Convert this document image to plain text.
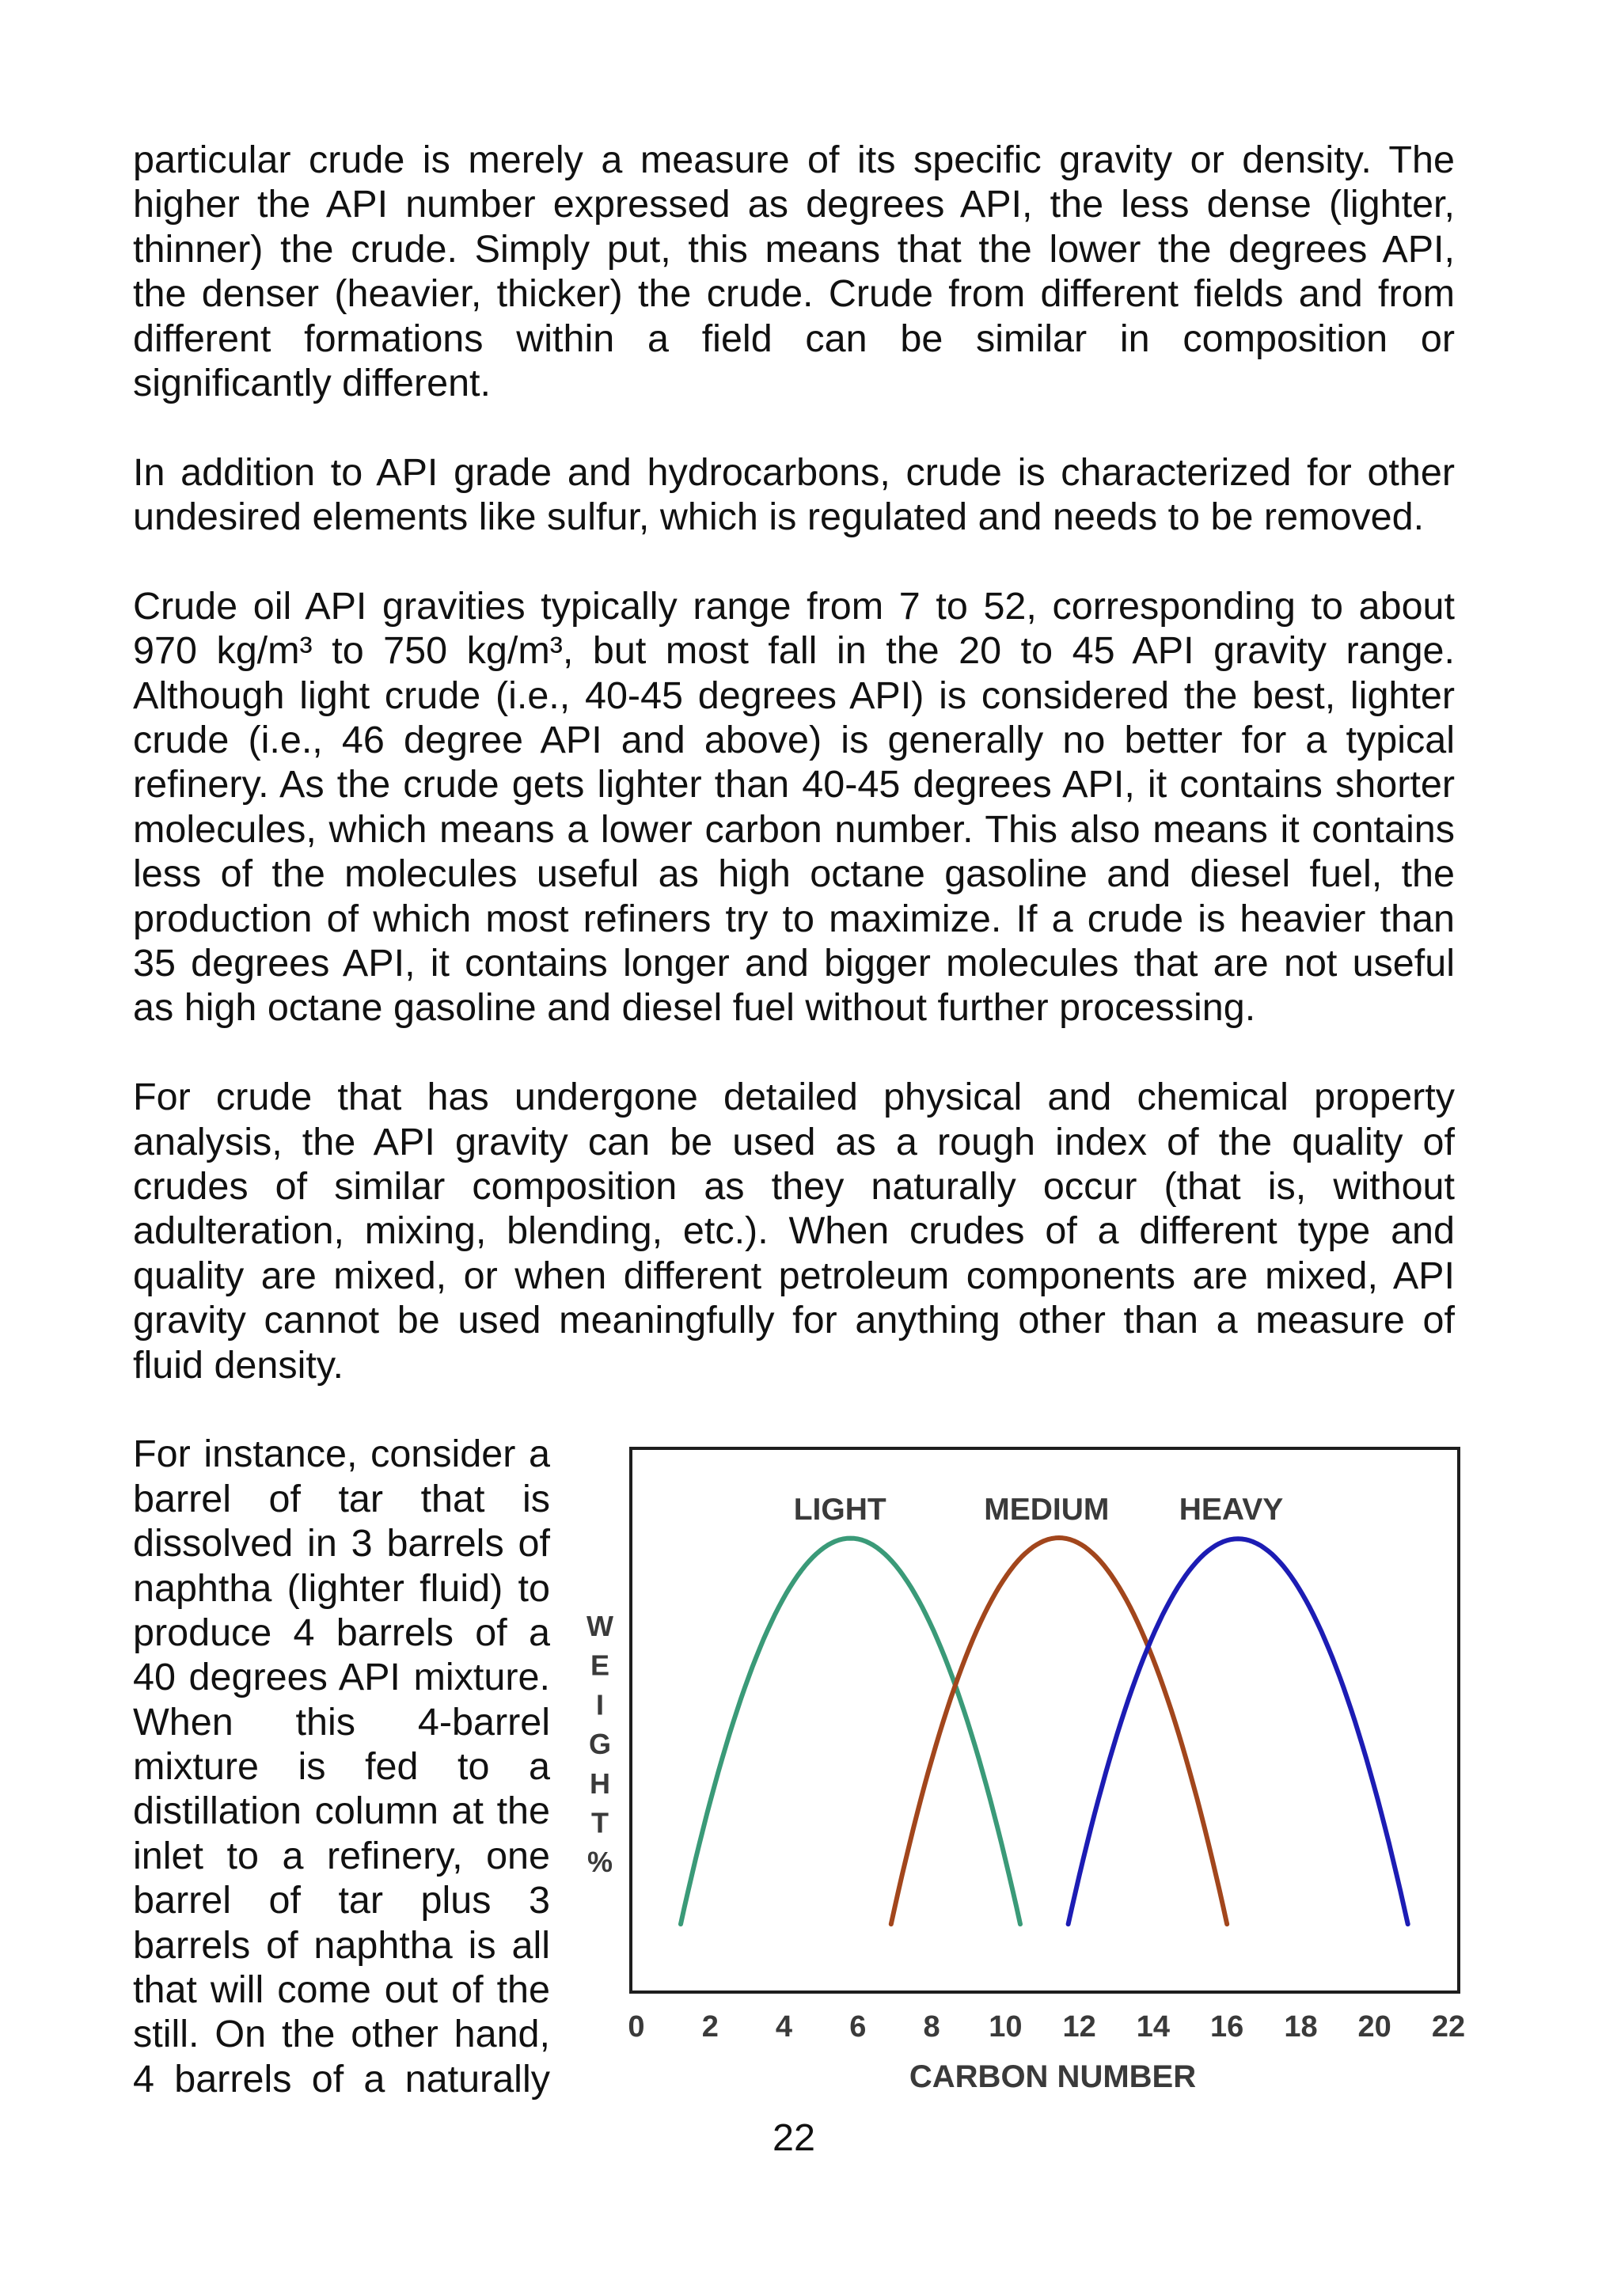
particular crude is merely a measure of its specific gravity or density. The
higher the API number expressed as degrees API, the less dense (lighter,
thinner) the crude. Simply put, this means that the lower the degrees API,
the denser (heavier, thicker) the crude. Crude from different fields and from
different formations within a field can be similar in composition or
significantly different.
In addition to API grade and hydrocarbons, crude is characterized for other
undesired elements like sulfur, which is regulated and needs to be removed.
Crude oil API gravities typically range from 7 to 52, corresponding to about
970 kg/m³ to 750 kg/m³, but most fall in the 20 to 45 API gravity range.
Although light crude (i.e., 40-45 degrees API) is considered the best, lighter
crude (i.e., 46 degree API and above) is generally no better for a typical
refinery. As the crude gets lighter than 40-45 degrees API, it contains shorter
molecules, which means a lower carbon number. This also means it contains
less of the molecules useful as high octane gasoline and diesel fuel, the
production of which most refiners try to maximize. If a crude is heavier than
35 degrees API, it contains longer and bigger molecules that are not useful
as high octane gasoline and diesel fuel without further processing.
For crude that has undergone detailed physical and chemical property
analysis, the API gravity can be used as a rough index of the quality of
crudes of similar composition as they naturally occur (that is, without
adulteration, mixing, blending, etc.). When crudes of a different type and
quality are mixed, or when different petroleum components are mixed, API
gravity cannot be used meaningfully for anything other than a measure of
fluid density.
For instance, consider a
barrel of tar that is
dissolved in 3 barrels of
naphtha (lighter fluid) to
produce 4 barrels of a
40 degrees API mixture.
When this 4-barrel
mixture is fed to a
distillation column at the
inlet to a refinery, one
barrel of tar plus 3
barrels of naphtha is all
that will come out of the
still. On the other hand,
4 barrels of a naturally
LIGHT	MEDIUM HEAVY
W
E
I
G
H
T
%
0 2 4 6 8 10 12 14 16 18 20 22
CARBON NUMBER
22
